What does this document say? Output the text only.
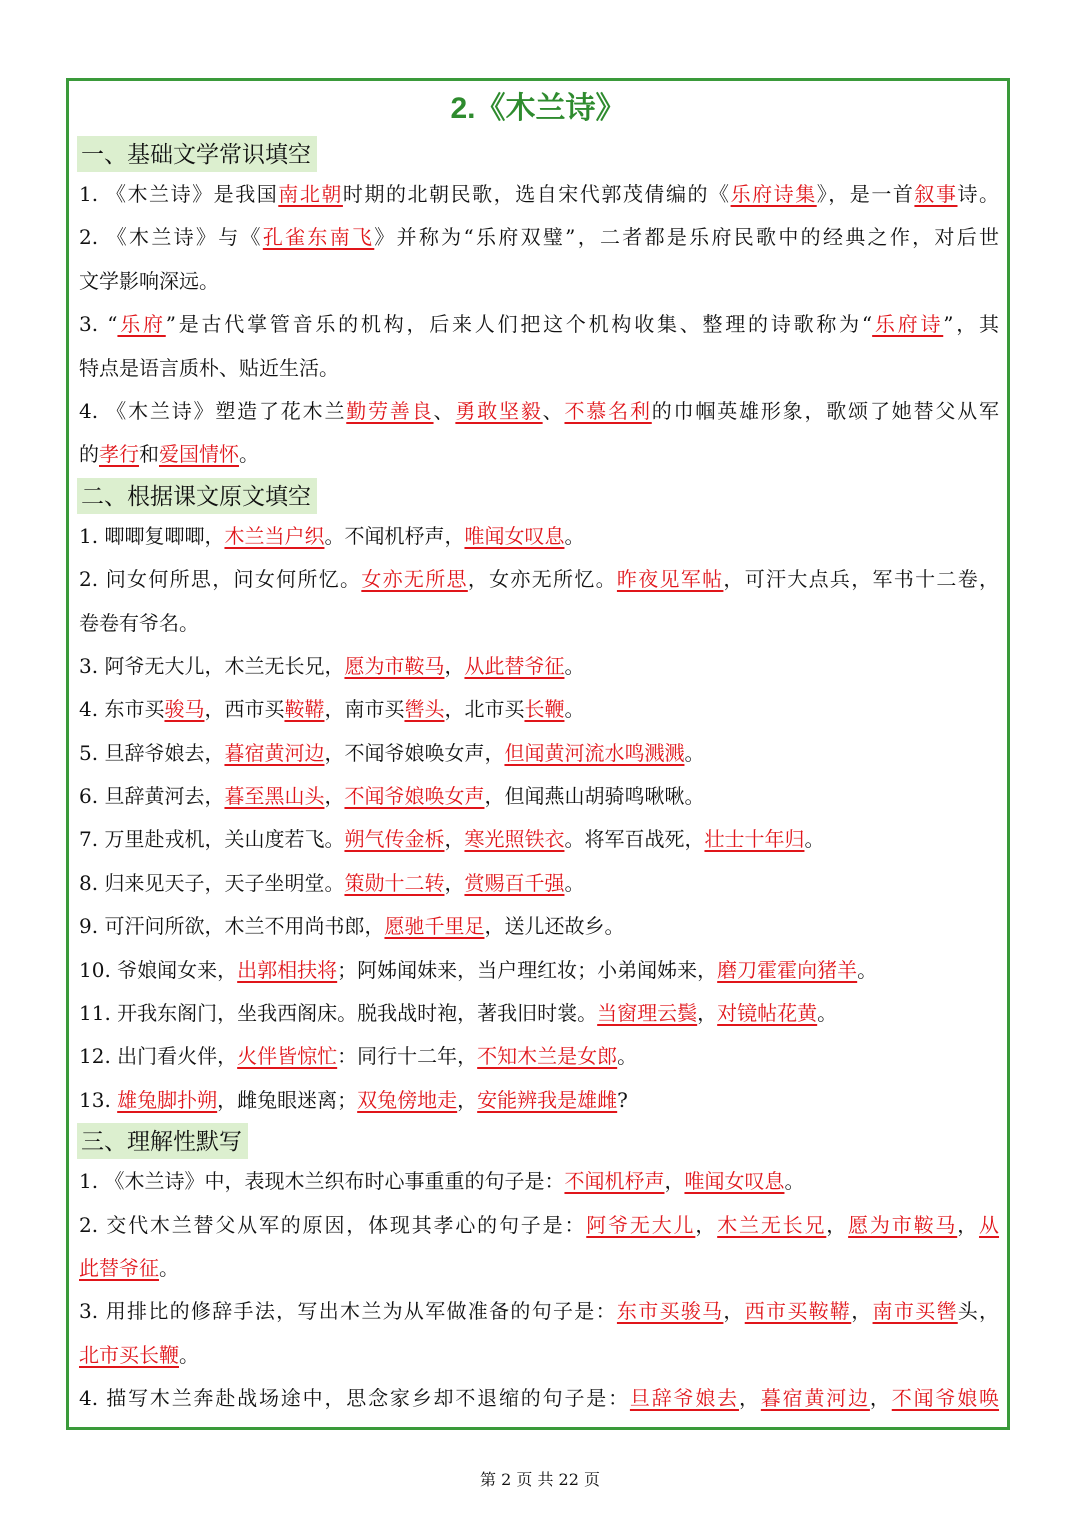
2.《木兰诗》
一、基础文学常识填空
1. 《木兰诗》是我国南北朝时期的北朝民歌，选自宋代郭茂倩编的《乐府诗集》，是一首叙事诗。
2. 《木兰诗》与《孔雀东南飞》并称为“乐府双璧”，二者都是乐府民歌中的经典之作，对后世
文学影响深远。
3. “乐府”是古代掌管音乐的机构，后来人们把这个机构收集、整理的诗歌称为“乐府诗”，其
特点是语言质朴、贴近生活。
4. 《木兰诗》塑造了花木兰勤劳善良、勇敢坚毅、不慕名利的巾帼英雄形象，歌颂了她替父从军
的孝行和爱国情怀。
二、根据课文原文填空
1. 唧唧复唧唧，木兰当户织。不闻机杼声，唯闻女叹息。
2. 问女何所思，问女何所忆。女亦无所思，女亦无所忆。昨夜见军帖，可汗大点兵，军书十二卷，
卷卷有爷名。
3. 阿爷无大儿，木兰无长兄，愿为市鞍马，从此替爷征。
4. 东市买骏马，西市买鞍鞯，南市买辔头，北市买长鞭。
5. 旦辞爷娘去，暮宿黄河边，不闻爷娘唤女声，但闻黄河流水鸣溅溅。
6. 旦辞黄河去，暮至黑山头，不闻爷娘唤女声，但闻燕山胡骑鸣啾啾。
7. 万里赴戎机，关山度若飞。朔气传金柝，寒光照铁衣。将军百战死，壮士十年归。
8. 归来见天子，天子坐明堂。策勋十二转，赏赐百千强。
9. 可汗问所欲，木兰不用尚书郎，愿驰千里足，送儿还故乡。
10. 爷娘闻女来，出郭相扶将；阿姊闻妹来，当户理红妆；小弟闻姊来，磨刀霍霍向猪羊。
11. 开我东阁门，坐我西阁床。脱我战时袍，著我旧时裳。当窗理云鬓，对镜帖花黄。
12. 出门看火伴，火伴皆惊忙：同行十二年，不知木兰是女郎。
13. 雄兔脚扑朔，雌兔眼迷离；双兔傍地走，安能辨我是雄雌?
三、理解性默写
1. 《木兰诗》中，表现木兰织布时心事重重的句子是：不闻机杼声，唯闻女叹息。
2. 交代木兰替父从军的原因，体现其孝心的句子是：阿爷无大儿，木兰无长兄，愿为市鞍马，从
此替爷征。
3. 用排比的修辞手法，写出木兰为从军做准备的句子是：东市买骏马，西市买鞍鞯，南市买辔头，
北市买长鞭。
4. 描写木兰奔赴战场途中，思念家乡却不退缩的句子是：旦辞爷娘去，暮宿黄河边，不闻爷娘唤
第 2 页 共 22 页
